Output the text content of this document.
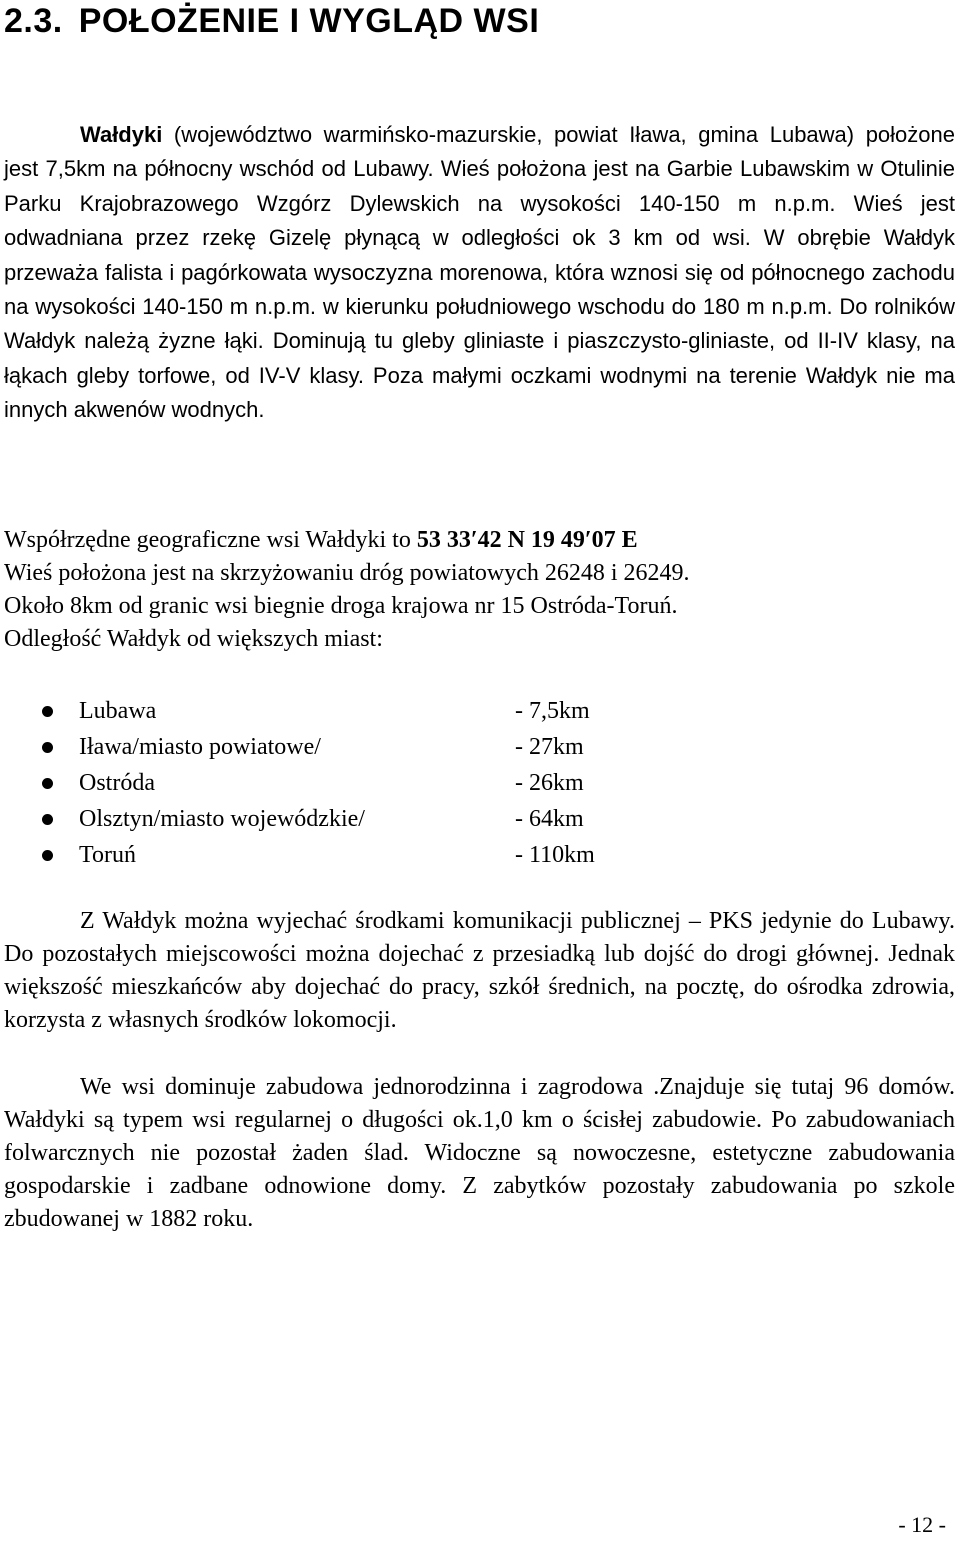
2.3. POŁOŻENIE I WYGLĄD WSI

Wałdyki (województwo warmińsko-mazurskie, powiat Iława, gmina Lubawa) położone jest 7,5km na północny wschód od Lubawy. Wieś położona jest na Garbie Lubawskim w Otulinie Parku Krajobrazowego Wzgórz Dylewskich na wysokości 140-150 m n.p.m. Wieś jest odwadniana przez rzekę Gizelę płynącą w odległości ok 3 km od wsi. W obrębie Wałdyk przeważa falista i pagórkowata wysoczyzna morenowa, która wznosi się od północnego zachodu na wysokości 140-150 m n.p.m. w kierunku południowego wschodu do 180 m n.p.m. Do rolników Wałdyk należą żyzne łąki. Dominują tu gleby gliniaste i piaszczysto-gliniaste, od II-IV klasy, na łąkach gleby torfowe, od IV-V klasy. Poza małymi oczkami wodnymi na terenie Wałdyk nie ma innych akwenów wodnych.

Współrzędne geograficzne wsi Wałdyki to 53 33′42 N 19 49′07 E
Wieś położona jest na skrzyżowaniu dróg powiatowych 26248 i 26249.
Około 8km od granic wsi biegnie droga krajowa nr 15 Ostróda-Toruń.
Odległość Wałdyk od większych miast:
Lubawa	- 7,5km
Iława/miasto powiatowe/	- 27km
Ostróda	- 26km
Olsztyn/miasto wojewódzkie/	- 64km
Toruń	- 110km

Z Wałdyk można wyjechać środkami komunikacji publicznej – PKS jedynie do Lubawy. Do pozostałych miejscowości można dojechać z przesiadką lub dojść do drogi głównej. Jednak większość mieszkańców aby dojechać do pracy, szkół średnich, na pocztę, do ośrodka zdrowia, korzysta z własnych środków lokomocji.

We wsi dominuje zabudowa jednorodzinna i zagrodowa .Znajduje się tutaj 96 domów. Wałdyki są typem wsi regularnej o długości ok.1,0 km o ścisłej zabudowie. Po zabudowaniach folwarcznych nie pozostał żaden ślad. Widoczne są nowoczesne, estetyczne zabudowania gospodarskie i zadbane odnowione domy. Z zabytków pozostały zabudowania po szkole zbudowanej w 1882 roku.

- 12 -
